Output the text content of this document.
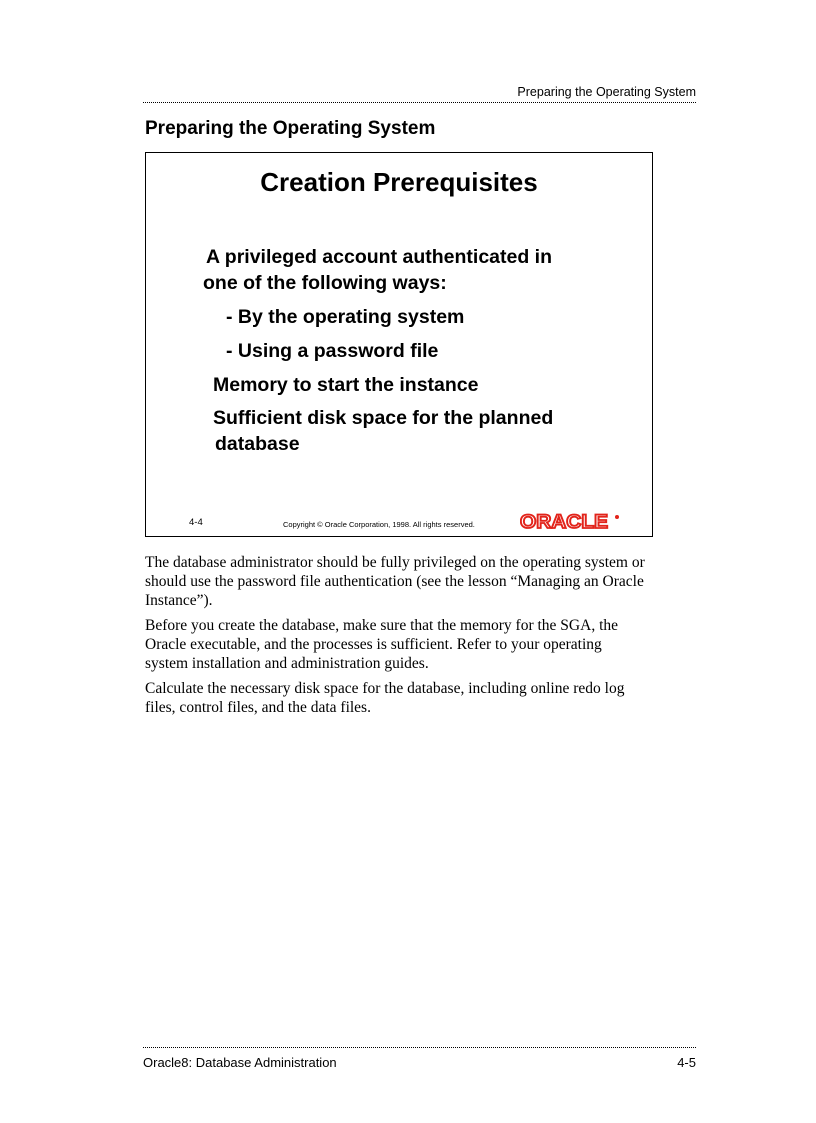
Preparing the Operating System
Preparing the Operating System
Creation Prerequisites
A privileged account authenticated in
one of the following ways:
- By the operating system
- Using a password file
Memory to start the instance
Sufficient disk space for the planned
database
4-4	Copyright © Oracle Corporation, 1998. All rights reserved. ORACLE

The database administrator should be fully privileged on the operating system or should use the password file authentication (see the lesson “Managing an Oracle Instance”).

Before you create the database, make sure that the memory for the SGA, the Oracle executable, and the processes is sufficient. Refer to your operating system installation and administration guides.

Calculate the necessary disk space for the database, including online redo log files, control files, and the data files.

Oracle8: Database Administration	4-5
